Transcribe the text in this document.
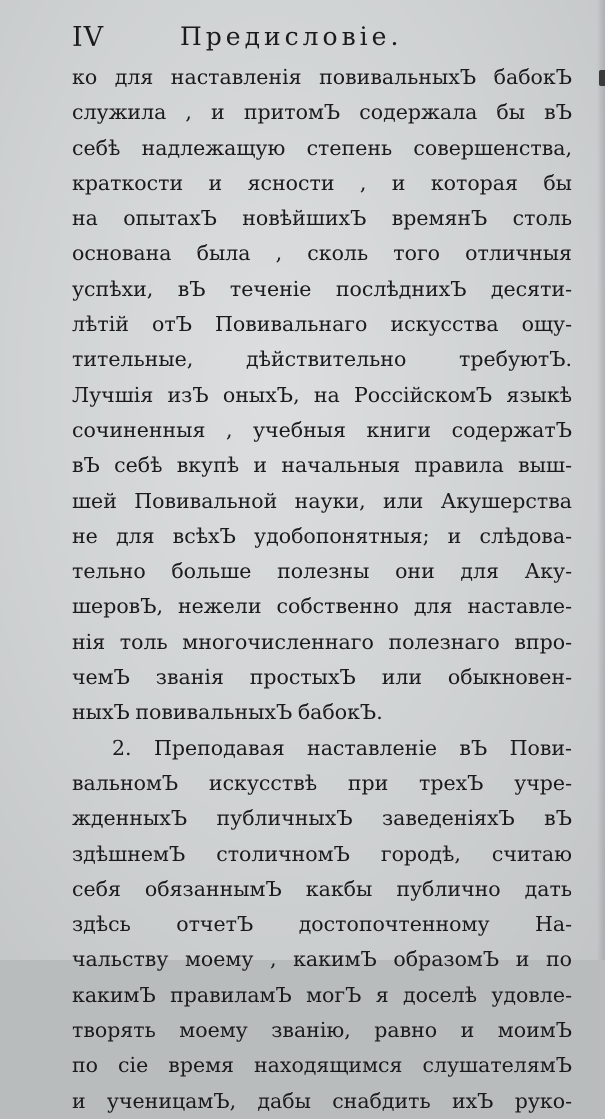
IV	Предисловіе.
ко для наставленія повивальныхЪ бабокЪ
служила , и притомЪ содержала бы вЪ
себѣ надлежащую степень совершенства,
краткости и ясности , и которая бы
на опытахЪ новѣйшихЪ времянЪ столь
основана была , сколь того отличныя
успѣхи, вЪ теченіе послѣднихЪ десяти-
лѣтій отЪ Повивальнаго искусства ощу-
тительные, дѣйствительно требуютЪ.
Лучшія изЪ оныхЪ, на РоссійскомЪ языкѣ
сочиненныя , учебныя книги содержатЪ
вЪ себѣ вкупѣ и начальныя правила выш-
шей Повивальной науки, или Акушерства
не для всѣхЪ удобопонятныя; и слѣдова-
тельно больше полезны они для Аку-
шеровЪ, нежели собственно для наставле-
нія толь многочисленнаго полезнаго впро-
чемЪ званія простыхЪ или обыкновен-
ныхЪ повивальныхЪ бабокЪ.
2. Преподавая наставленіе вЪ Пови-
вальномЪ искусствѣ при трехЪ учре-
жденныхЪ публичныхЪ заведеніяхЪ вЪ
здѣшнемЪ столичномЪ городѣ, считаю
себя обязаннымЪ какбы публично дать
здѣсь отчетЪ достопочтенному На-
чальству моему , какимЪ образомЪ и по
какимЪ правиламЪ могЪ я доселѣ удовле-
творять моему званію, равно и моимЪ
по сіе время находящимся слушателямЪ
и ученицамЪ, дабы снабдить ихЪ руко-
